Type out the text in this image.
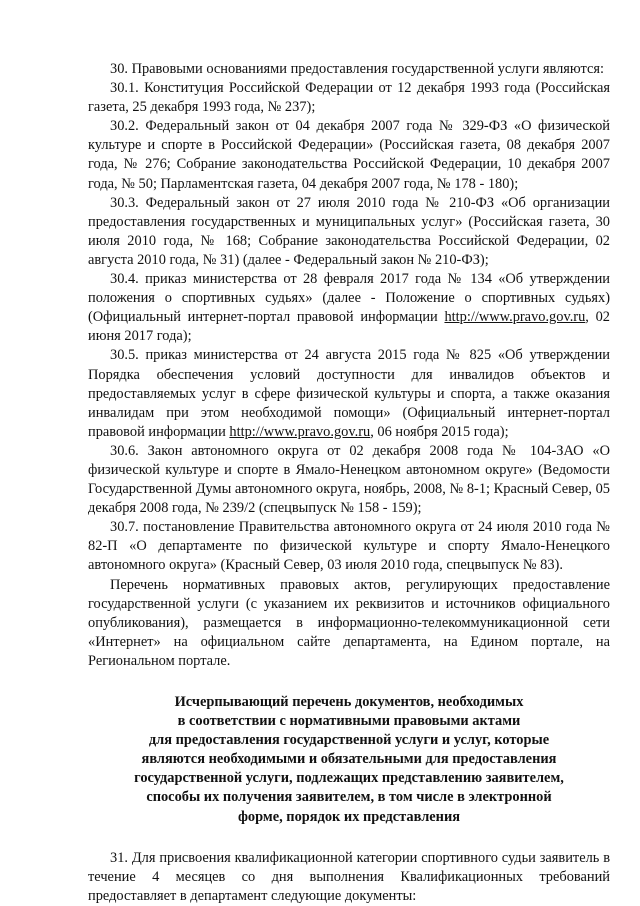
30. Правовыми основаниями предоставления государственной услуги являются:

30.1. Конституция Российской Федерации от 12 декабря 1993 года (Российская газета, 25 декабря 1993 года, № 237);

30.2. Федеральный закон от 04 декабря 2007 года № 329-ФЗ «О физической культуре и спорте в Российской Федерации» (Российская газета, 08 декабря 2007 года, № 276; Собрание законодательства Российской Федерации, 10 декабря 2007 года, № 50; Парламентская газета, 04 декабря 2007 года, № 178 - 180);

30.3. Федеральный закон от 27 июля 2010 года № 210-ФЗ «Об организации предоставления государственных и муниципальных услуг» (Российская газета, 30 июля 2010 года, № 168; Собрание законодательства Российской Федерации, 02 августа 2010 года, № 31) (далее - Федеральный закон № 210-ФЗ);

30.4. приказ министерства от 28 февраля 2017 года № 134 «Об утверждении положения о спортивных судьях» (далее - Положение о спортивных судьях) (Официальный интернет-портал правовой информации http://www.pravo.gov.ru, 02 июня 2017 года);

30.5. приказ министерства от 24 августа 2015 года № 825 «Об утверждении Порядка обеспечения условий доступности для инвалидов объектов и предоставляемых услуг в сфере физической культуры и спорта, а также оказания инвалидам при этом необходимой помощи» (Официальный интернет-портал правовой информации http://www.pravo.gov.ru, 06 ноября 2015 года);

30.6. Закон автономного округа от 02 декабря 2008 года № 104-ЗАО «О физической культуре и спорте в Ямало-Ненецком автономном округе» (Ведомости Государственной Думы автономного округа, ноябрь, 2008, № 8-1; Красный Север, 05 декабря 2008 года, № 239/2 (спецвыпуск № 158 - 159);

30.7. постановление Правительства автономного округа от 24 июля 2010 года № 82-П «О департаменте по физической культуре и спорту Ямало-Ненецкого автономного округа» (Красный Север, 03 июля 2010 года, спецвыпуск № 83).

Перечень нормативных правовых актов, регулирующих предоставление государственной услуги (с указанием их реквизитов и источников официального опубликования), размещается в информационно-телекоммуникационной сети «Интернет» на официальном сайте департамента, на Едином портале, на Региональном портале.

Исчерпывающий перечень документов, необходимых
в соответствии с нормативными правовыми актами
для предоставления государственной услуги и услуг, которые
являются необходимыми и обязательными для предоставления
государственной услуги, подлежащих представлению заявителем,
способы их получения заявителем, в том числе в электронной
форме, порядок их представления

31. Для присвоения квалификационной категории спортивного судьи заявитель в течение 4 месяцев со дня выполнения Квалификационных требований предоставляет в департамент следующие документы:
